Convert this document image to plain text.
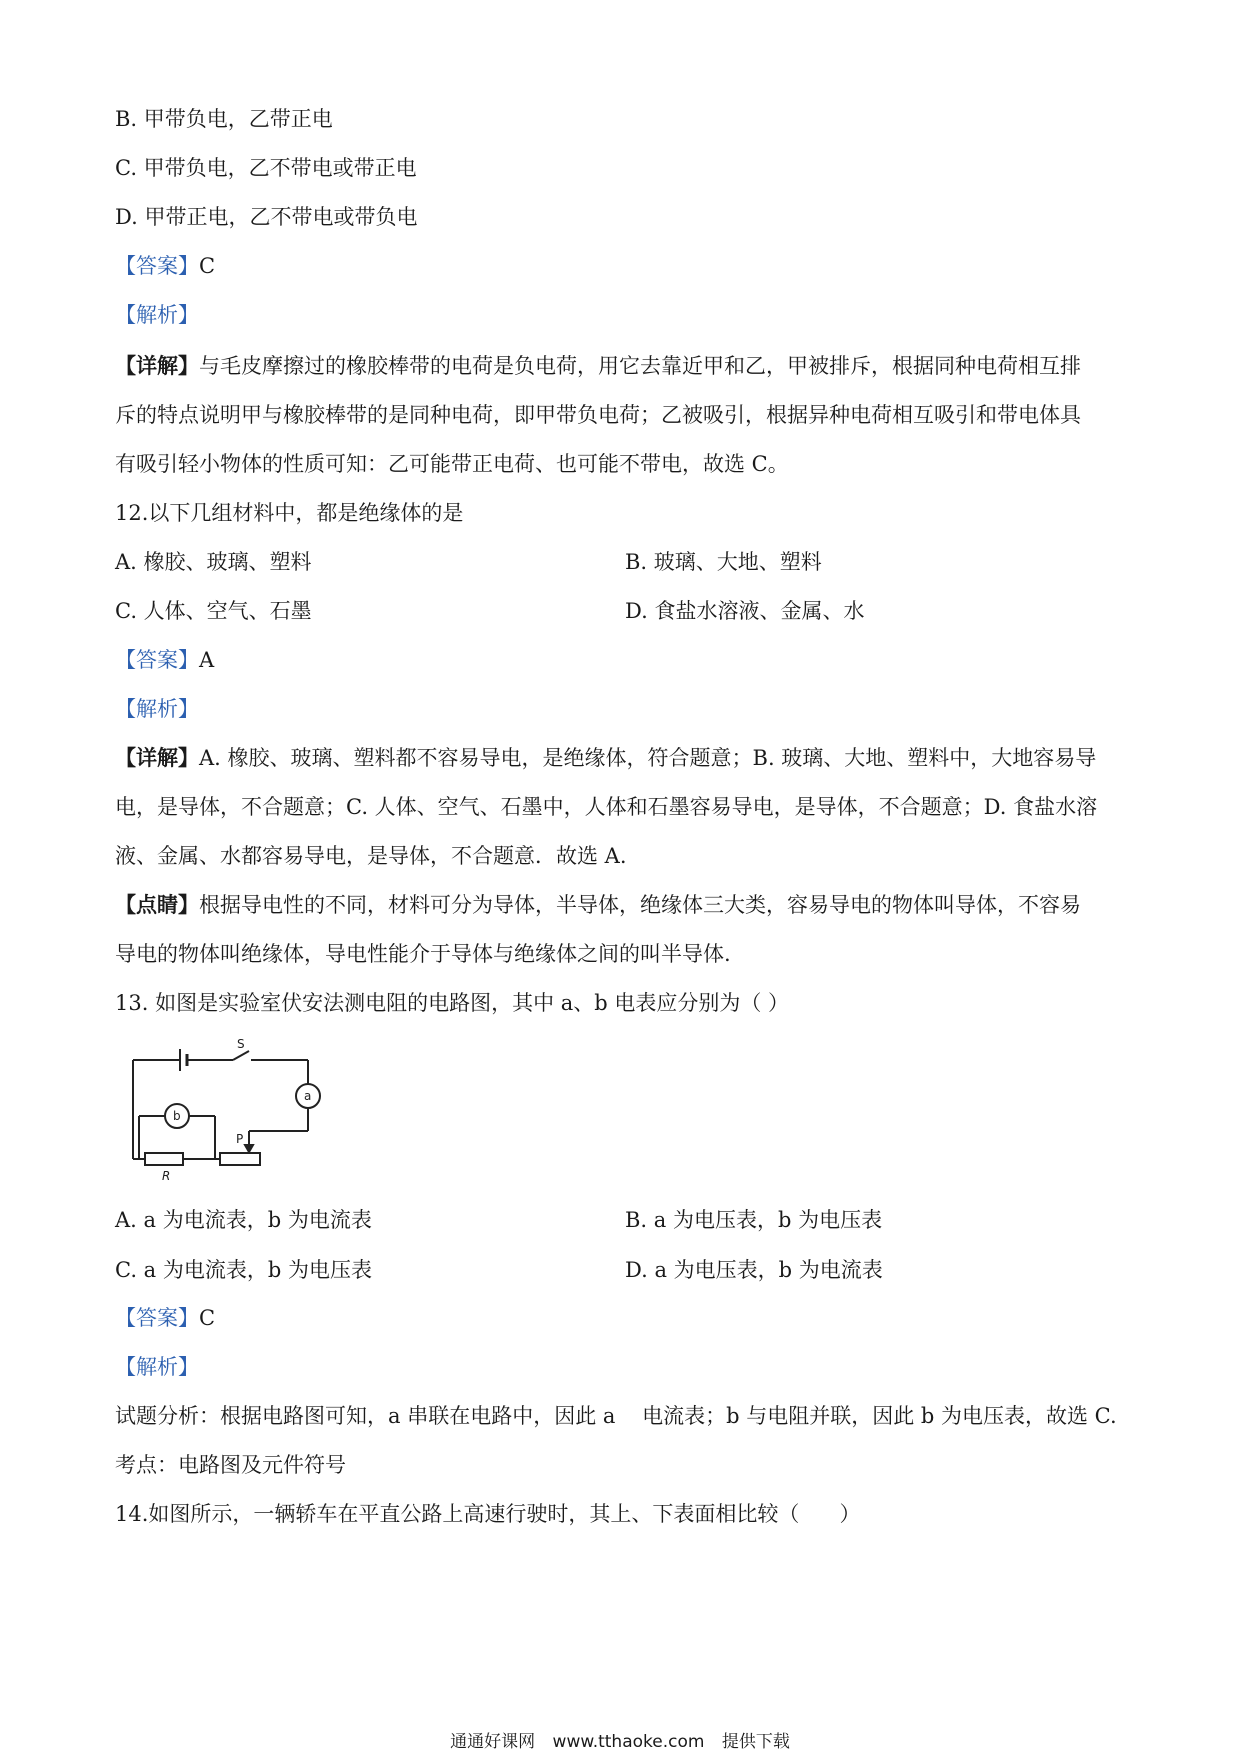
B. 甲带负电，乙带正电
C. 甲带负电，乙不带电或带正电
D. 甲带正电，乙不带电或带负电
【答案】C
【解析】
【详解】与毛皮摩擦过的橡胶棒带的电荷是负电荷，用它去靠近甲和乙，甲被排斥，根据同种电荷相互排
斥的特点说明甲与橡胶棒带的是同种电荷，即甲带负电荷；乙被吸引，根据异种电荷相互吸引和带电体具
有吸引轻小物体的性质可知：乙可能带正电荷、也可能不带电，故选 C。
12.以下几组材料中，都是绝缘体的是
A. 橡胶、玻璃、塑料	B. 玻璃、大地、塑料
C. 人体、空气、石墨	D. 食盐水溶液、金属、水
【答案】A
【解析】
【详解】A. 橡胶、玻璃、塑料都不容易导电，是绝缘体，符合题意；B. 玻璃、大地、塑料中，大地容易导
电，是导体，不合题意；C. 人体、空气、石墨中，人体和石墨容易导电，是导体，不合题意；D. 食盐水溶
液、金属、水都容易导电，是导体，不合题意．故选 A.
【点睛】根据导电性的不同，材料可分为导体，半导体，绝缘体三大类，容易导电的物体叫导体，不容易
导电的物体叫绝缘体，导电性能介于导体与绝缘体之间的叫半导体.
13. 如图是实验室伏安法测电阻的电路图，其中 a、b 电表应分别为（ ）
S
a
b
P
R
A. a 为电流表，b 为电流表	B. a 为电压表，b 为电压表
C. a 为电流表，b 为电压表	D. a 为电压表，b 为电流表
【答案】C
【解析】
试题分析：根据电路图可知，a 串联在电路中，因此 a    电流表；b 与电阻并联，因此 b 为电压表，故选 C.
考点：电路图及元件符号
14.如图所示，一辆轿车在平直公路上高速行驶时，其上、下表面相比较（      ）
通通好课网 www.tthaoke.com 提供下载
